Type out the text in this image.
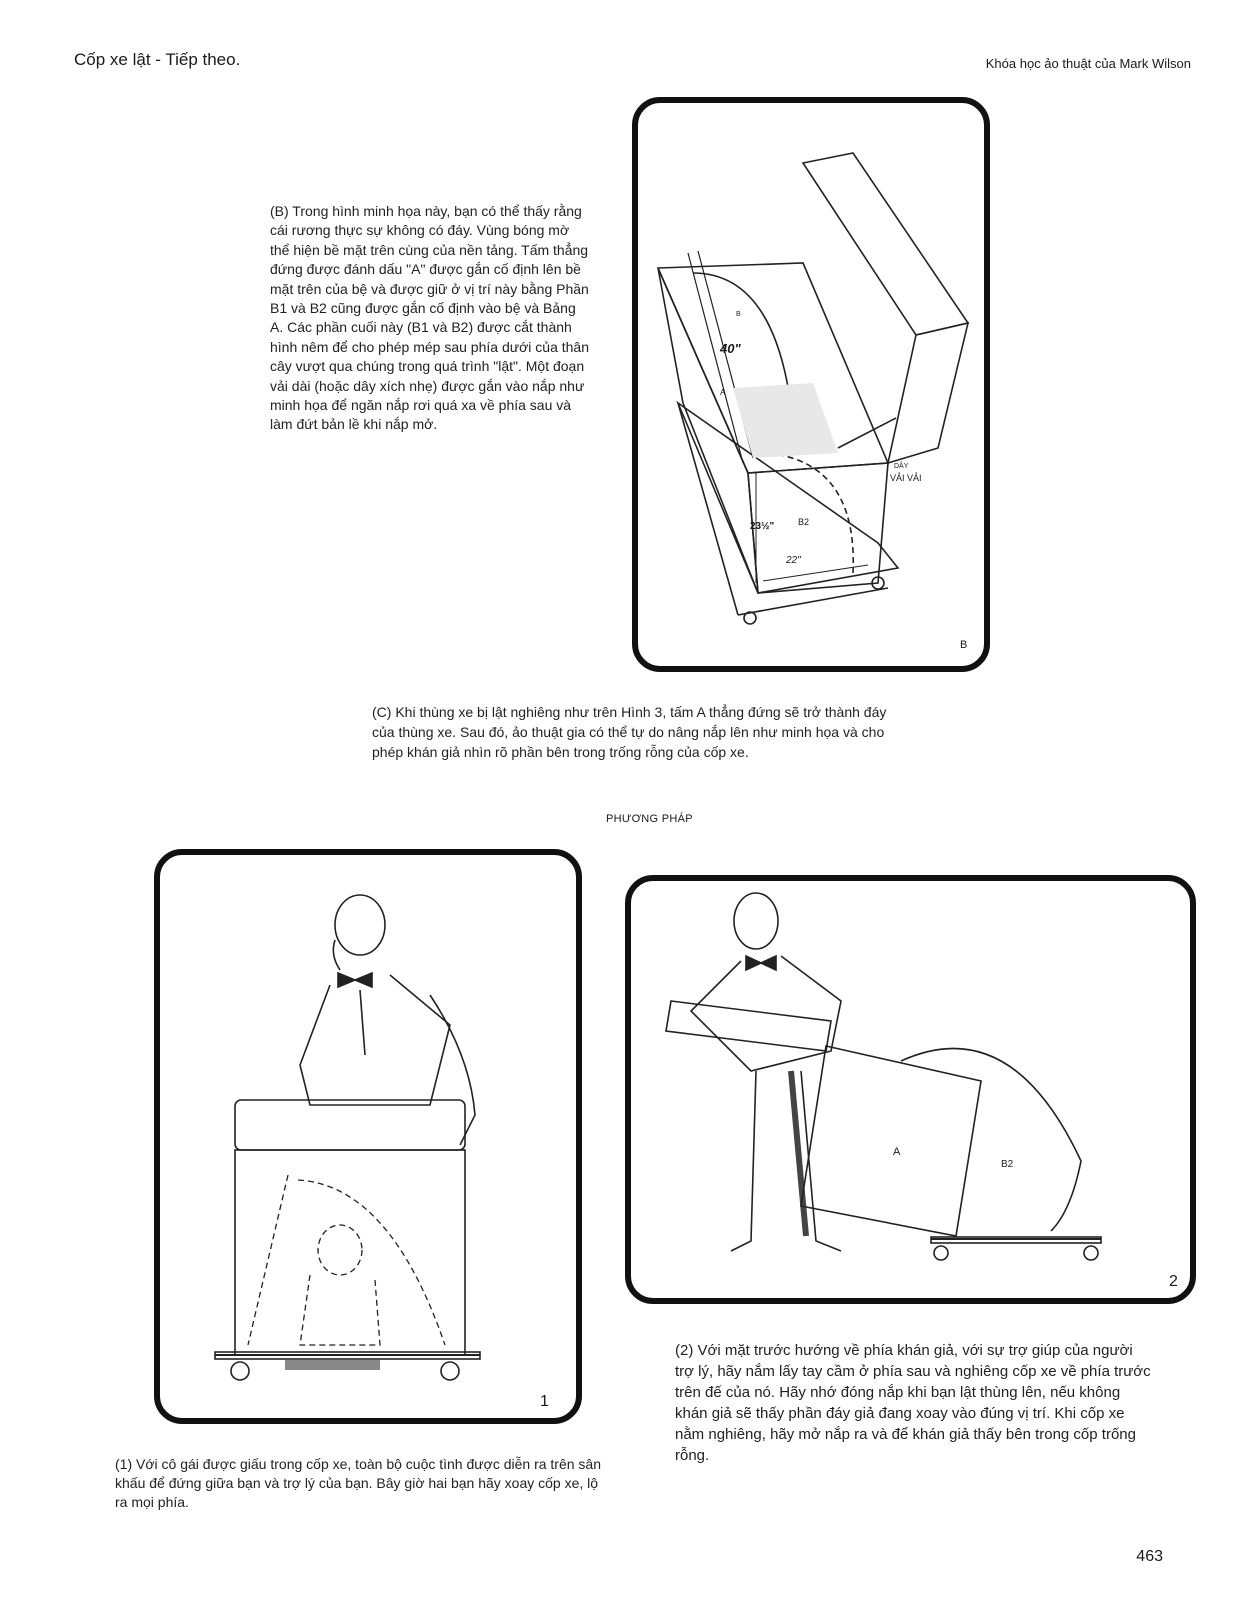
Cốp xe lật - Tiếp theo.	Khóa học ảo thuật của Mark Wilson
40"
B
A
23½"	B2
22"
DÂY
VẢI VẢI
B
(B) Trong hình minh họa này, bạn có thể thấy rằng cái rương thực sự không có đáy. Vùng bóng mờ thể hiện bề mặt trên cùng của nền tảng. Tấm thẳng đứng được đánh dấu "A" được gắn cố định lên bề mặt trên của bệ và được giữ ở vị trí này bằng Phần B1 và B2 cũng được gắn cố định vào bệ và Bảng A. Các phần cuối này (B1 và B2) được cắt thành hình nêm để cho phép mép sau phía dưới của thân cây vượt qua chúng trong quá trình "lật". Một đoạn vải dài (hoặc dây xích nhẹ) được gắn vào nắp như minh họa để ngăn nắp rơi quá xa về phía sau và làm đứt bản lề khi nắp mở.
(C) Khi thùng xe bị lật nghiêng như trên Hình 3, tấm A thẳng đứng sẽ trở thành đáy của thùng xe. Sau đó, ảo thuật gia có thể tự do nâng nắp lên như minh họa và cho phép khán giả nhìn rõ phần bên trong trống rỗng của cốp xe.
PHƯƠNG PHÁP
1
A
B2
2
(1) Với cô gái được giấu trong cốp xe, toàn bộ cuộc tình được diễn ra trên sân khấu để đứng giữa bạn và trợ lý của bạn. Bây giờ hai bạn hãy xoay cốp xe, lộ ra mọi phía.
(2) Với mặt trước hướng về phía khán giả, với sự trợ giúp của người trợ lý, hãy nắm lấy tay cầm ở phía sau và nghiêng cốp xe về phía trước trên đế của nó. Hãy nhớ đóng nắp khi bạn lật thùng lên, nếu không khán giả sẽ thấy phần đáy giả đang xoay vào đúng vị trí. Khi cốp xe nằm nghiêng, hãy mở nắp ra và để khán giả thấy bên trong cốp trống rỗng.
463
